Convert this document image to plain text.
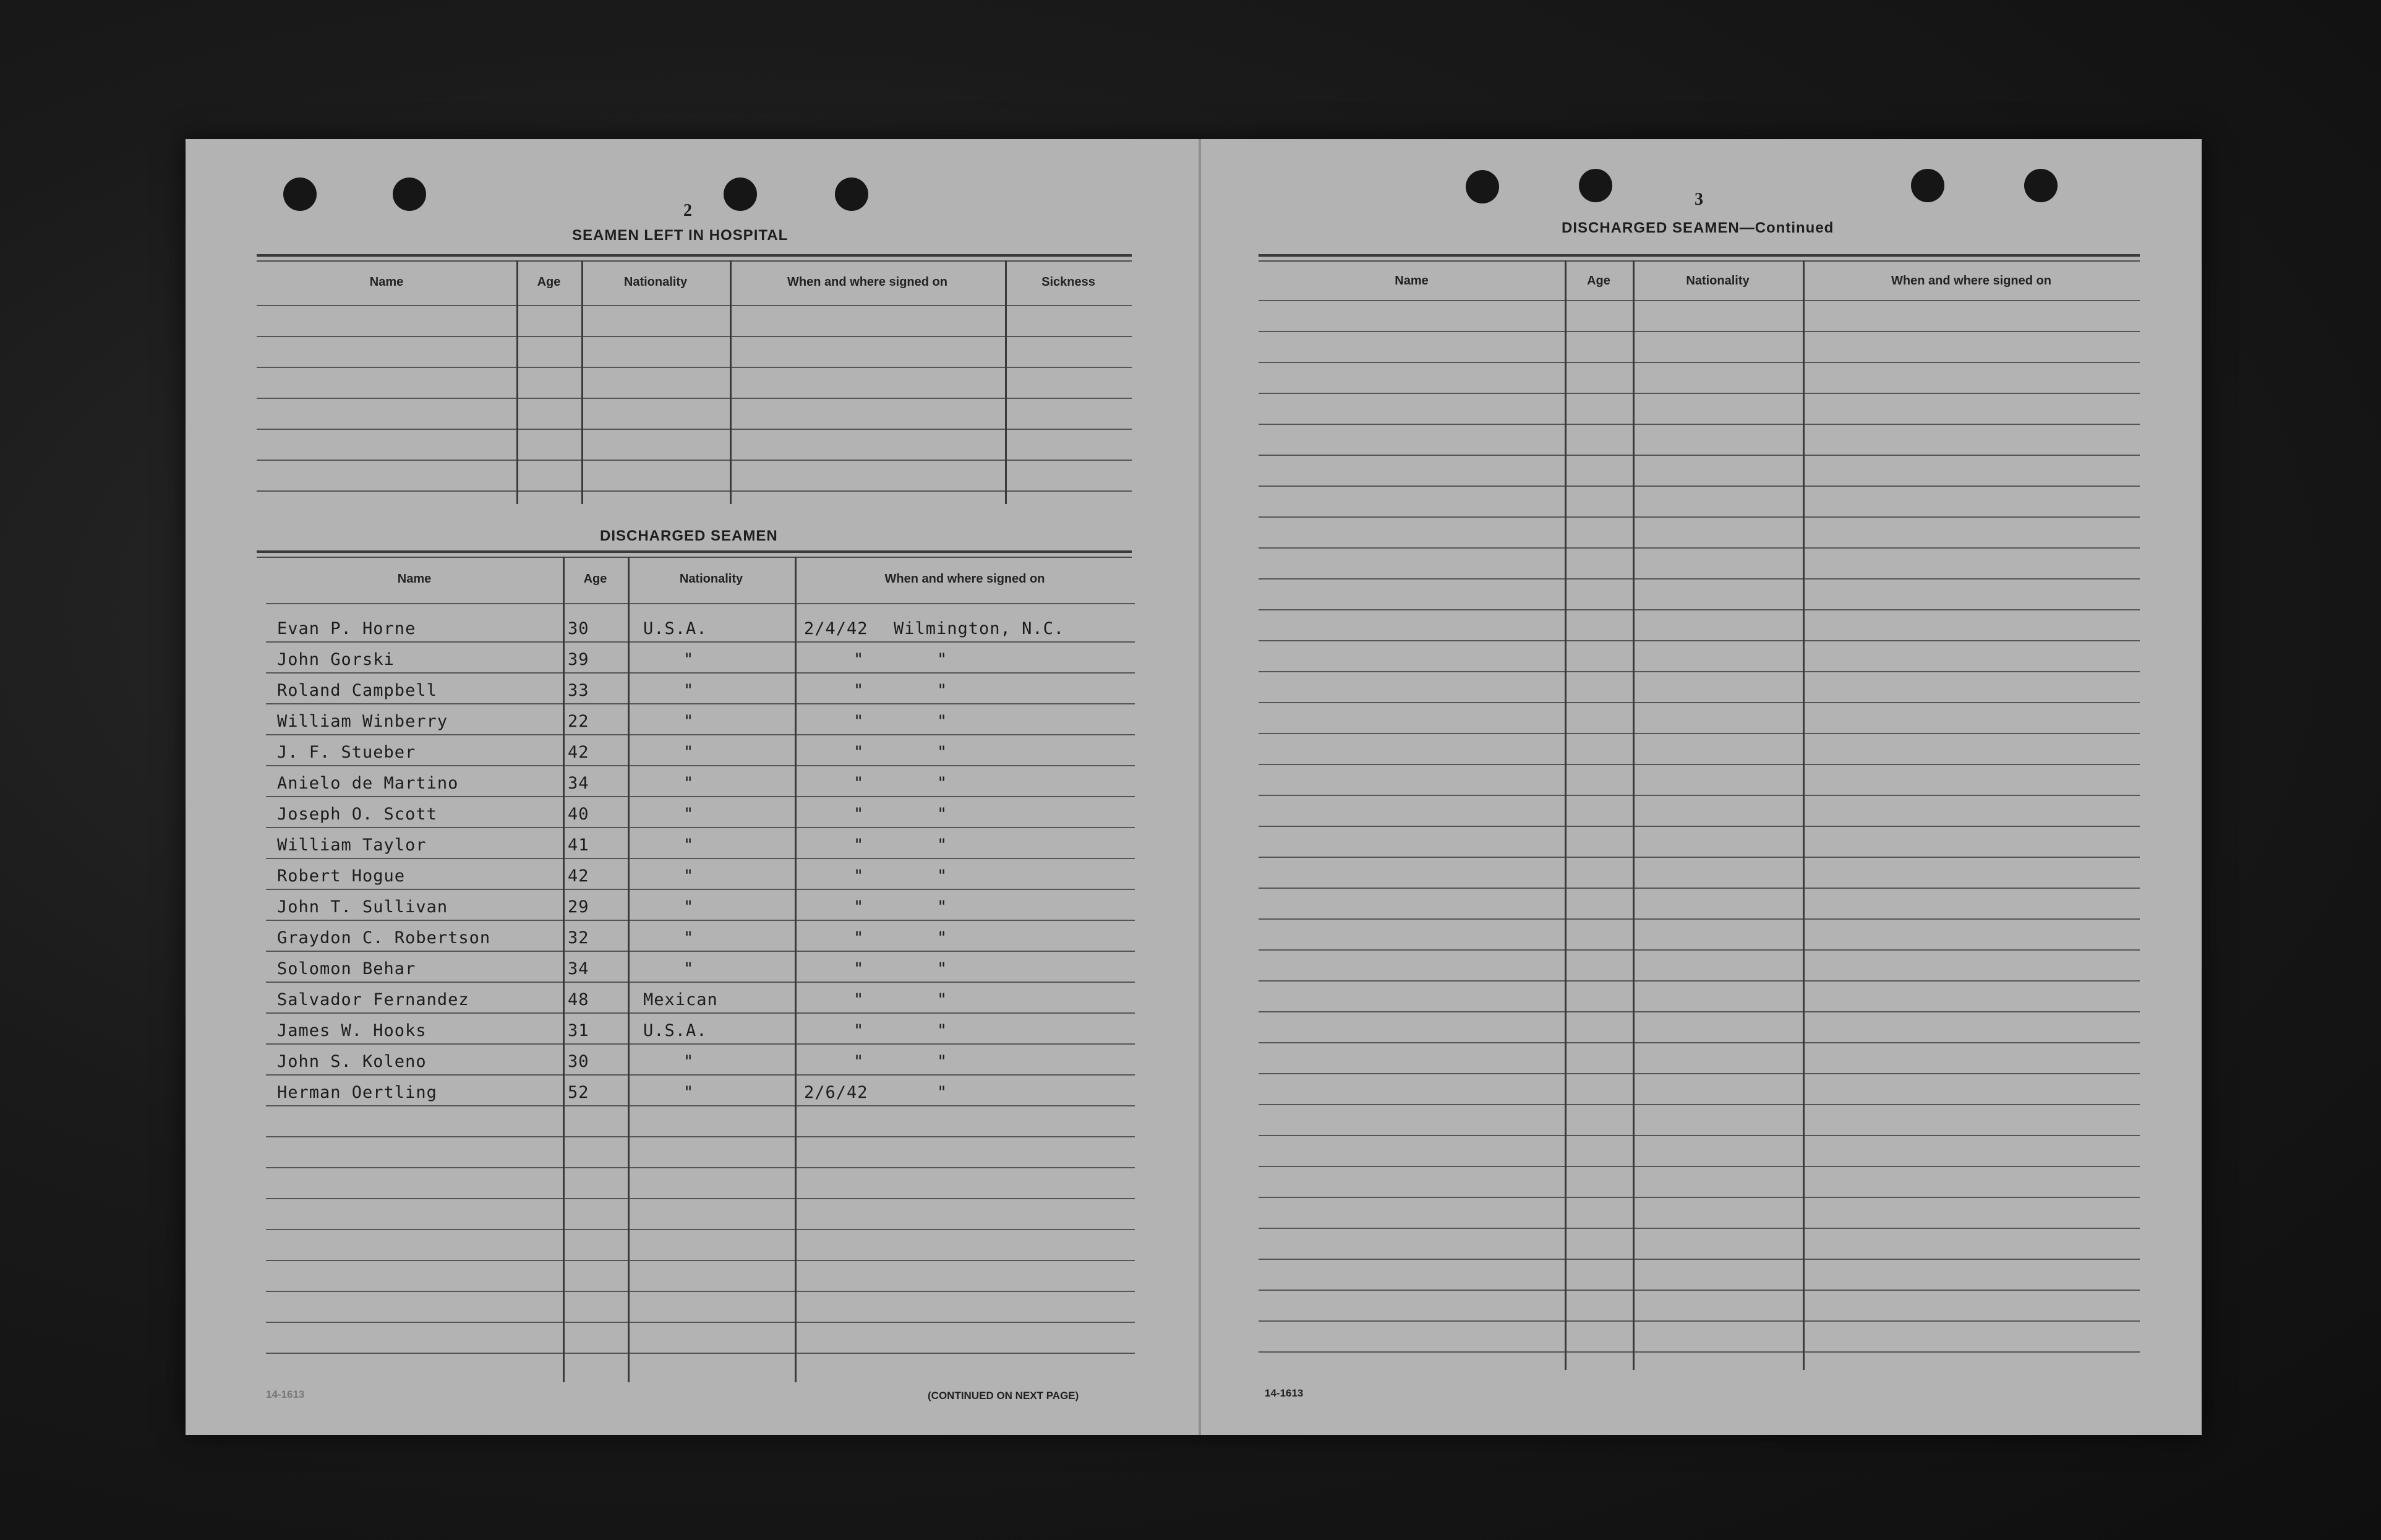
2
SEAMEN LEFT IN HOSPITAL
Name	Age	Nationality	When and where signed on	Sickness
DISCHARGED SEAMEN
Name	Age	Nationality	When and where signed on
Evan P. Horne	30	U.S.A.	2/4/42 Wilmington, N.C.
John Gorski	39	"	"	"
Roland Campbell	33	"	"	"
William Winberry	22	"	"	"
J. F. Stueber	42	"	"	"
Anielo de Martino	34	"	"	"
Joseph O. Scott	40	"	"	"
William Taylor	41	"	"	"
Robert Hogue	42	"	"	"
John T. Sullivan	29	"	"	"
Graydon C. Robertson	32	"	"	"
Solomon Behar	34	"	"	"
Salvador Fernandez	48	Mexican	"	"
James W. Hooks	31	U.S.A.	"	"
John S. Koleno	30	"	"	"
Herman Oertling	52	"	2/6/42	"
14-1613	(CONTINUED ON NEXT PAGE)
3
DISCHARGED SEAMEN—Continued
Name	Age	Nationality	When and where signed on
14-1613
